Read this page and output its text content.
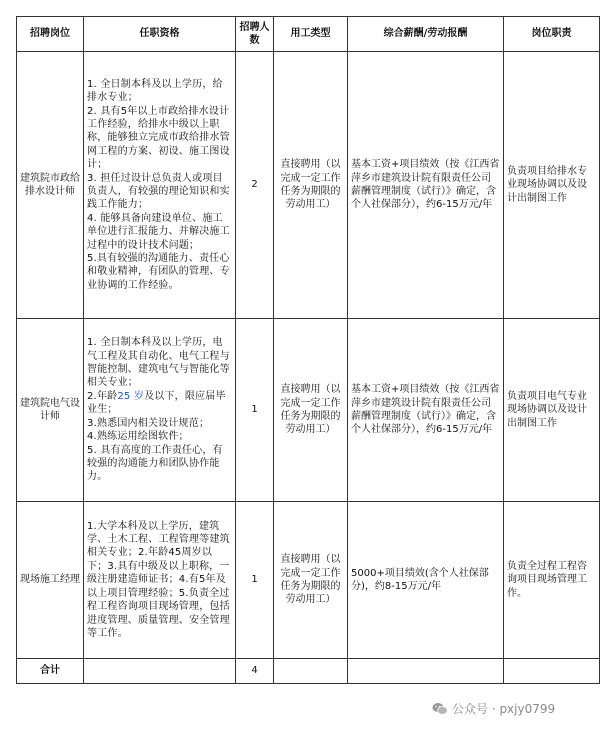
招聘岗位	任职资格	招聘人数	用工类型	综合薪酬/劳动报酬	岗位职责
建筑院市政给排水设计师	1. 全日制本科及以上学历，给排水专业；
2. 具有5年以上市政给排水设计工作经验，给排水中级以上职称，能够独立完成市政给排水管网工程的方案、初设、施工图设计；
3. 担任过设计总负责人或项目负责人，有较强的理论知识和实践工作能力；
4. 能够具备向建设单位、施工单位进行汇报能力、并解决施工过程中的设计技术问题；
5.具有较强的沟通能力、责任心和敬业精神，有团队的管理、专业协调的工作经验。	2	直接聘用（以完成一定工作任务为期限的劳动用工）	基本工资+项目绩效（按《江西省萍乡市建筑设计院有限责任公司薪酬管理制度（试行）》确定，含个人社保部分），约6-15万元/年	负责项目给排水专业现场协调以及设计出制图工作
建筑院电气设计师	1. 全日制本科及以上学历，电气工程及其自动化、电气工程与智能控制、建筑电气与智能化等相关专业；
2.年龄25 岁及以下，限应届毕业生；
3.熟悉国内相关设计规范；
4.熟练运用绘图软件；
5. 具有高度的工作责任心，有较强的沟通能力和团队协作能力。	1	直接聘用（以完成一定工作任务为期限的劳动用工）	基本工资+项目绩效（按《江西省萍乡市建筑设计院有限责任公司薪酬管理制度（试行）》确定，含个人社保部分），约6-15万元/年	负责项目电气专业现场协调以及设计出制图工作
现场施工经理	1.大学本科及以上学历，建筑学、土木工程、工程管理等建筑相关专业；2.年龄45周岁以下；3.具有中级及以上职称，一级注册建造师证书；4.有5年及以上项目管理经验；5.负责全过程工程咨询项目现场管理，包括进度管理、质量管理、安全管理等工作。	1	直接聘用（以完成一定工作任务为期限的劳动用工）	5000+项目绩效(含个人社保部分)，约8-15万元/年	负责全过程工程咨询项目现场管理工作。
合计		4			
公众号 · pxjy0799
